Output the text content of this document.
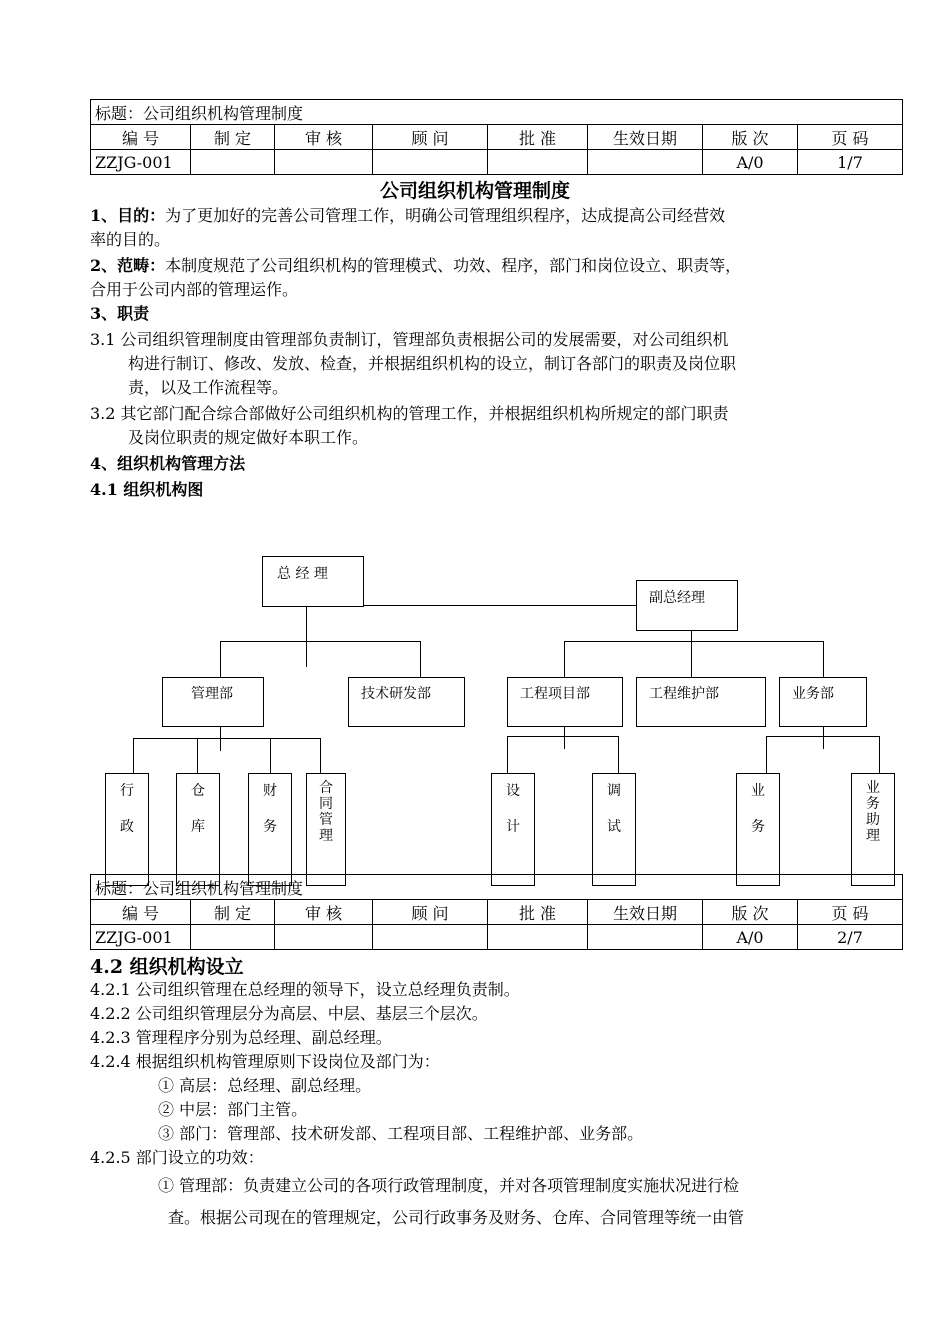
标题：公司组织机构管理制度							
编 号	制 定	审 核	顾 问	批 准	生效日期	版 次	页 码
ZZJG-001						A/0	1/7
公司组织机构管理制度
1、目的：为了更加好的完善公司管理工作，明确公司管理组织程序，达成提高公司经营效
率的目的。
2、范畴：本制度规范了公司组织机构的管理模式、功效、程序，部门和岗位设立、职责等，
合用于公司内部的管理运作。
3、职责
3.1 公司组织管理制度由管理部负责制订，管理部负责根据公司的发展需要，对公司组织机
构进行制订、修改、发放、检查，并根据组织机构的设立，制订各部门的职责及岗位职
责，以及工作流程等。
3.2 其它部门配合综合部做好公司组织机构的管理工作，并根据组织机构所规定的部门职责
及岗位职责的规定做好本职工作。
4、组织机构管理方法
4.1 组织机构图
总 经 理
副总经理
管理部	技术研发部	工程项目部	工程维护部	业务部
行
政
仓
库
财
务
合
同
管
理
设
计
调
试
业
务
业
务
助
理
标题：公司组织机构管理制度							
编 号	制 定	审 核	顾 问	批 准	生效日期	版 次	页 码
ZZJG-001						A/0	2/7
4.2 组织机构设立
4.2.1 公司组织管理在总经理的领导下，设立总经理负责制。
4.2.2 公司组织管理层分为高层、中层、基层三个层次。
4.2.3 管理程序分别为总经理、副总经理。
4.2.4 根据组织机构管理原则下设岗位及部门为：
① 高层：总经理、副总经理。
② 中层：部门主管。
③ 部门：管理部、技术研发部、工程项目部、工程维护部、业务部。
4.2.5 部门设立的功效：
① 管理部：负责建立公司的各项行政管理制度，并对各项管理制度实施状况进行检
查。根据公司现在的管理规定，公司行政事务及财务、仓库、合同管理等统一由管
